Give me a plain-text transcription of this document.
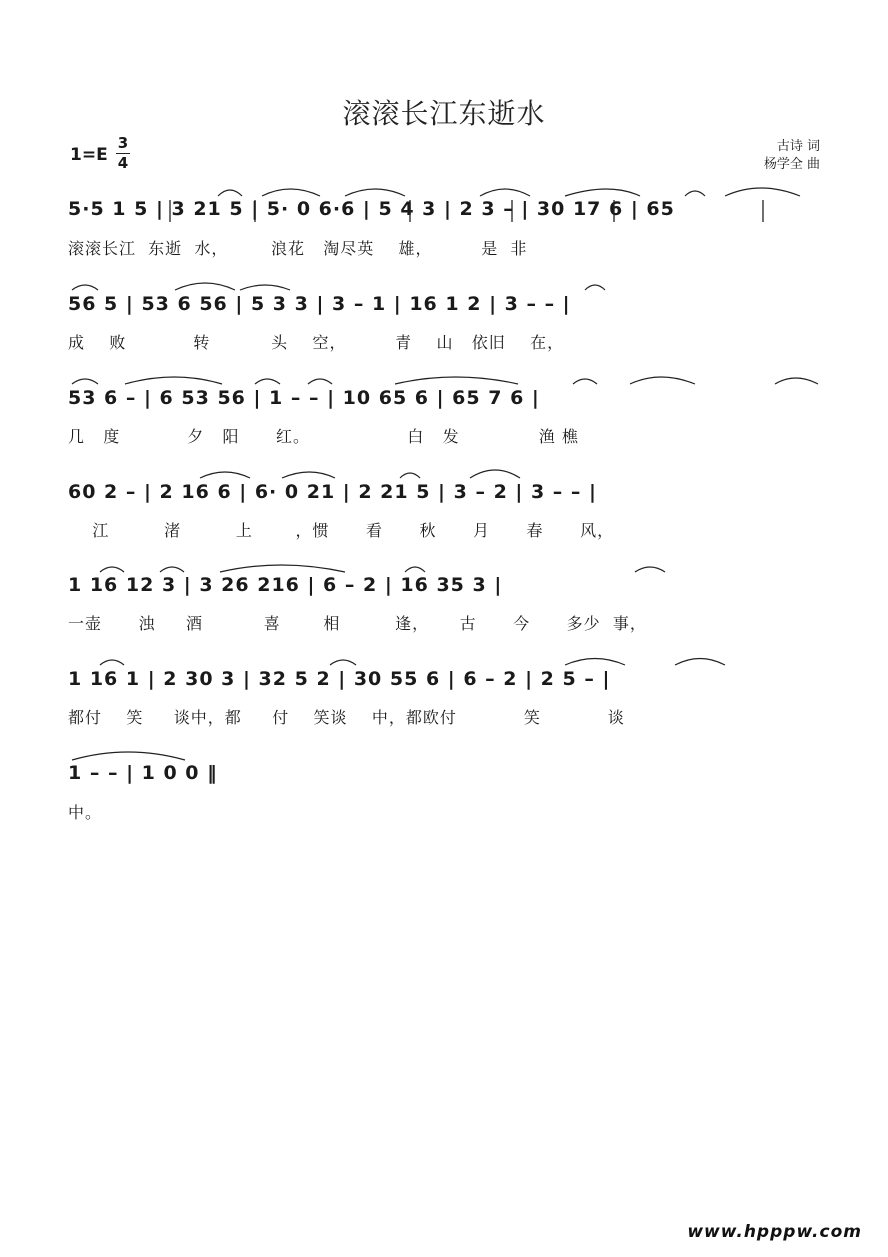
滚滚长江东逝水
1=E
3
4
古诗 词
杨学全 曲
5·5 1 5 | 3 21 5 | 5· 0 6·6 | 5 4 3 | 2 3 – | 30 17 6 | 65
滚滚长江  东逝  水，       浪花   淘尽英    雄，        是  非
56 5 | 53 6 56 | 5 3 3 | 3 – 1 | 16 1 2 | 3 – – |
成    败           转          头    空，        青    山   依旧    在，
53 6 – | 6 53 56 | 1 – – | 10 65 6 | 65 7 6 |
几   度           夕   阳      红。                白   发             渔 樵
60 2 – | 2 16 6 | 6· 0 21 | 2 21 5 | 3 – 2 | 3 – – |
江         渚         上       ，惯      看      秋      月      春      风，
1 16 12 3 | 3 26 216 | 6 – 2 | 16 35 3 |
一壶      浊     酒          喜       相         逢，     古      今      多少  事，
1 16 1 | 2 30 3 | 32 5 2 | 30 55 6 | 6 – 2 | 2 5 – |
都付    笑     谈中，都     付    笑谈    中，都欧付           笑           谈
1 – – | 1 0 0 ‖
中。
www.hpppw.com
